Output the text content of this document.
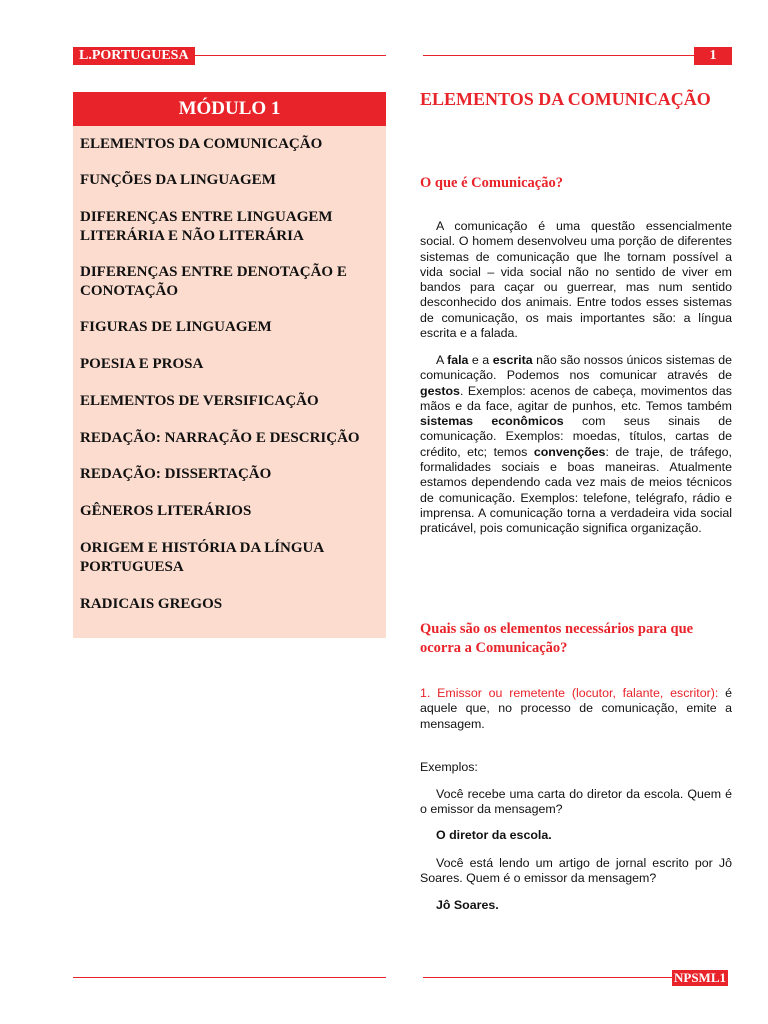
L.PORTUGUESA	1
MÓDULO 1
ELEMENTOS DA COMUNICAÇÃO
FUNÇÕES DA LINGUAGEM
DIFERENÇAS ENTRE LINGUAGEM LITERÁRIA E NÃO LITERÁRIA
DIFERENÇAS ENTRE DENOTAÇÃO E CONOTAÇÃO
FIGURAS DE LINGUAGEM
POESIA E PROSA
ELEMENTOS DE VERSIFICAÇÃO
REDAÇÃO: NARRAÇÃO E DESCRIÇÃO
REDAÇÃO: DISSERTAÇÃO
GÊNEROS LITERÁRIOS
ORIGEM E HISTÓRIA DA LÍNGUA PORTUGUESA
RADICAIS GREGOS
ELEMENTOS DA COMUNICAÇÃO
O que é Comunicação?

A comunicação é uma questão essencialmente social. O homem desenvolveu uma porção de diferentes sistemas de comunicação que lhe tornam possível a vida social – vida social não no sentido de viver em bandos para caçar ou guerrear, mas num sentido desconhecido dos animais. Entre todos esses sistemas de comunicação, os mais importantes são: a língua escrita e a falada.

A fala e a escrita não são nossos únicos sistemas de comunicação. Podemos nos comunicar através de gestos. Exemplos: acenos de cabeça, movimentos das mãos e da face, agitar de punhos, etc. Temos também sistemas econômicos com seus sinais de comunicação. Exemplos: moedas, títulos, cartas de crédito, etc; temos convenções: de traje, de tráfego, formalidades sociais e boas maneiras. Atualmente estamos dependendo cada vez mais de meios técnicos de comunicação. Exemplos: telefone, telégrafo, rádio e imprensa. A comunicação torna a verdadeira vida social praticável, pois comunicação significa organização.

Quais são os elementos necessários para que ocorra a Comunicação?

1. Emissor ou remetente (locutor, falante, escritor): é aquele que, no processo de comunicação, emite a mensagem.

Exemplos:

Você recebe uma carta do diretor da escola. Quem é o emissor da mensagem?

O diretor da escola.

Você está lendo um artigo de jornal escrito por Jô Soares. Quem é o emissor da mensagem?

Jô Soares.

NPSML1
